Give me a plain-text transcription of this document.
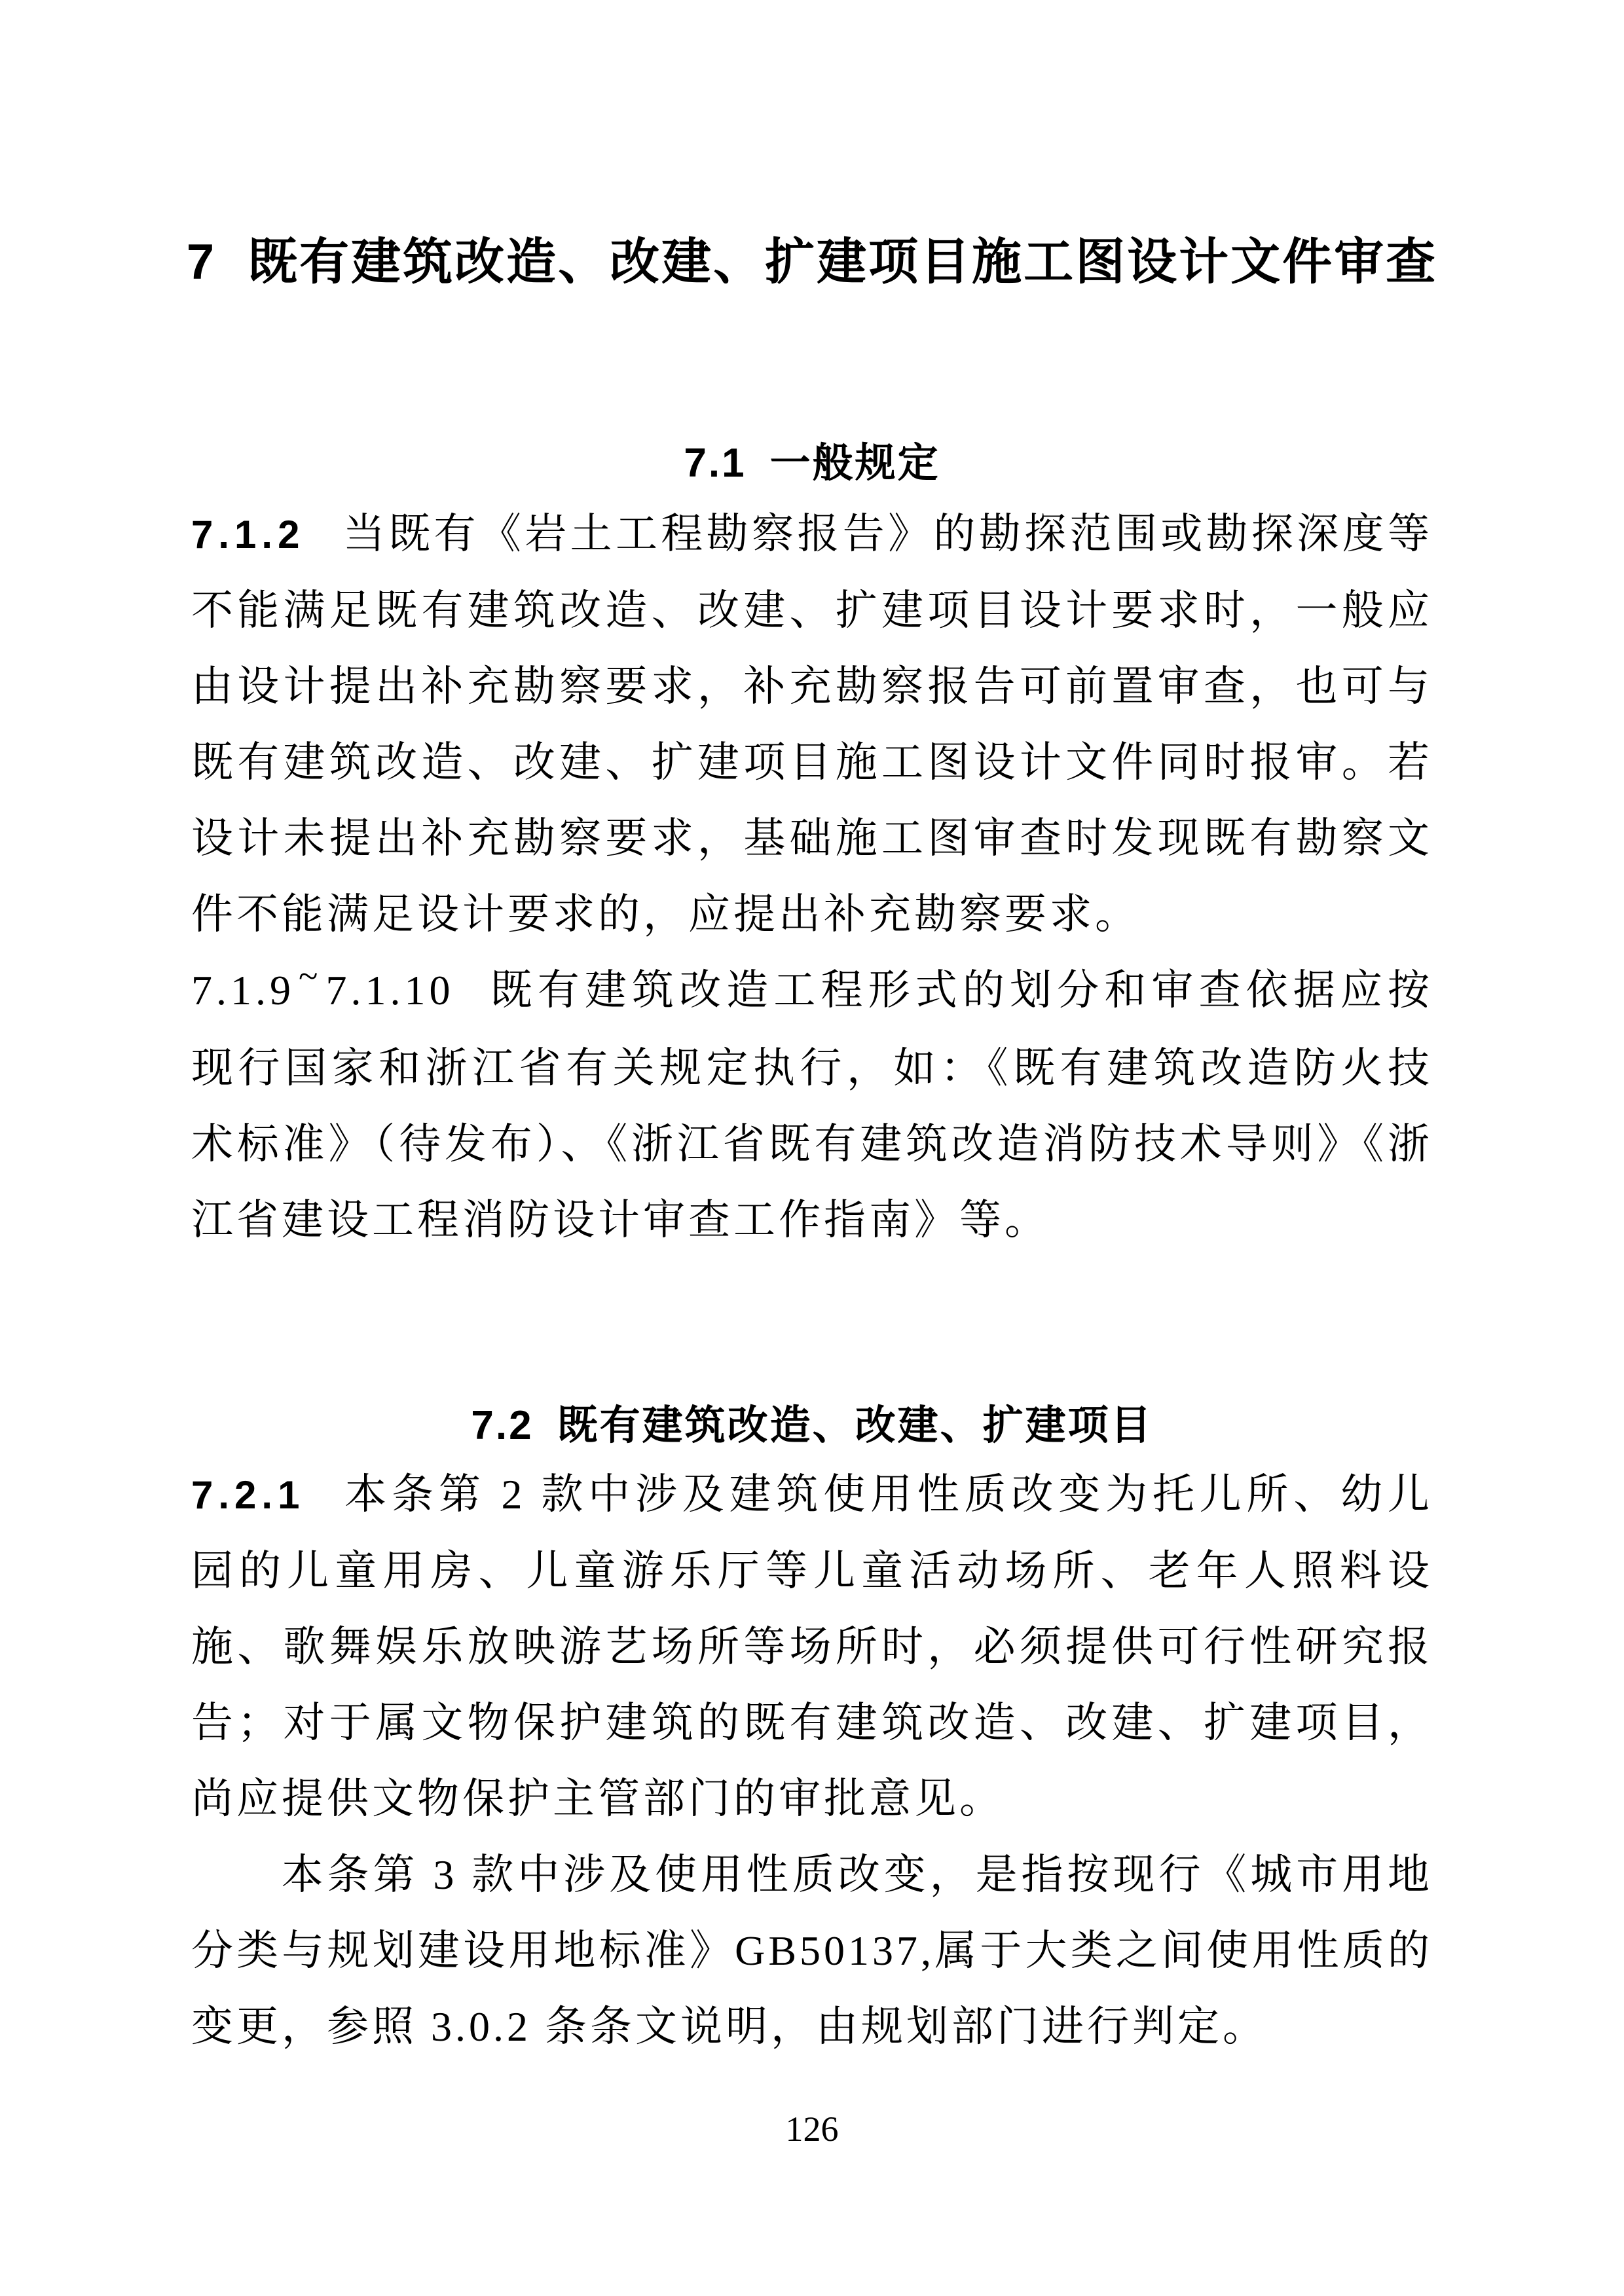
7 既有建筑改造、改建、扩建项目施工图设计文件审查
7.1 一般规定

7.1.2 当既有《岩土工程勘察报告》的勘探范围或勘探深度等不能满足既有建筑改造、改建、扩建项目设计要求时，一般应由设计提出补充勘察要求，补充勘察报告可前置审查，也可与既有建筑改造、改建、扩建项目施工图设计文件同时报审。若设计未提出补充勘察要求，基础施工图审查时发现既有勘察文件不能满足设计要求的，应提出补充勘察要求。

7.1.9 ~7.1.10 既有建筑改造工程形式的划分和审查依据应按现行国家和浙江省有关规定执行，如：《既有建筑改造防火技术标准》（待发布）、《浙江省既有建筑改造消防技术导则》《浙江省建设工程消防设计审查工作指南》等。

7.2 既有建筑改造、改建、扩建项目

7.2.1 本条第 2 款中涉及建筑使用性质改变为托儿所、幼儿园的儿童用房、儿童游乐厅等儿童活动场所、老年人照料设施、歌舞娱乐放映游艺场所等场所时，必须提供可行性研究报告；对于属文物保护建筑的既有建筑改造、改建、扩建项目，尚应提供文物保护主管部门的审批意见。

本条第 3 款中涉及使用性质改变，是指按现行《城市用地分类与规划建设用地标准》GB50137,属于大类之间使用性质的变更，参照 3.0.2 条条文说明，由规划部门进行判定。

126
